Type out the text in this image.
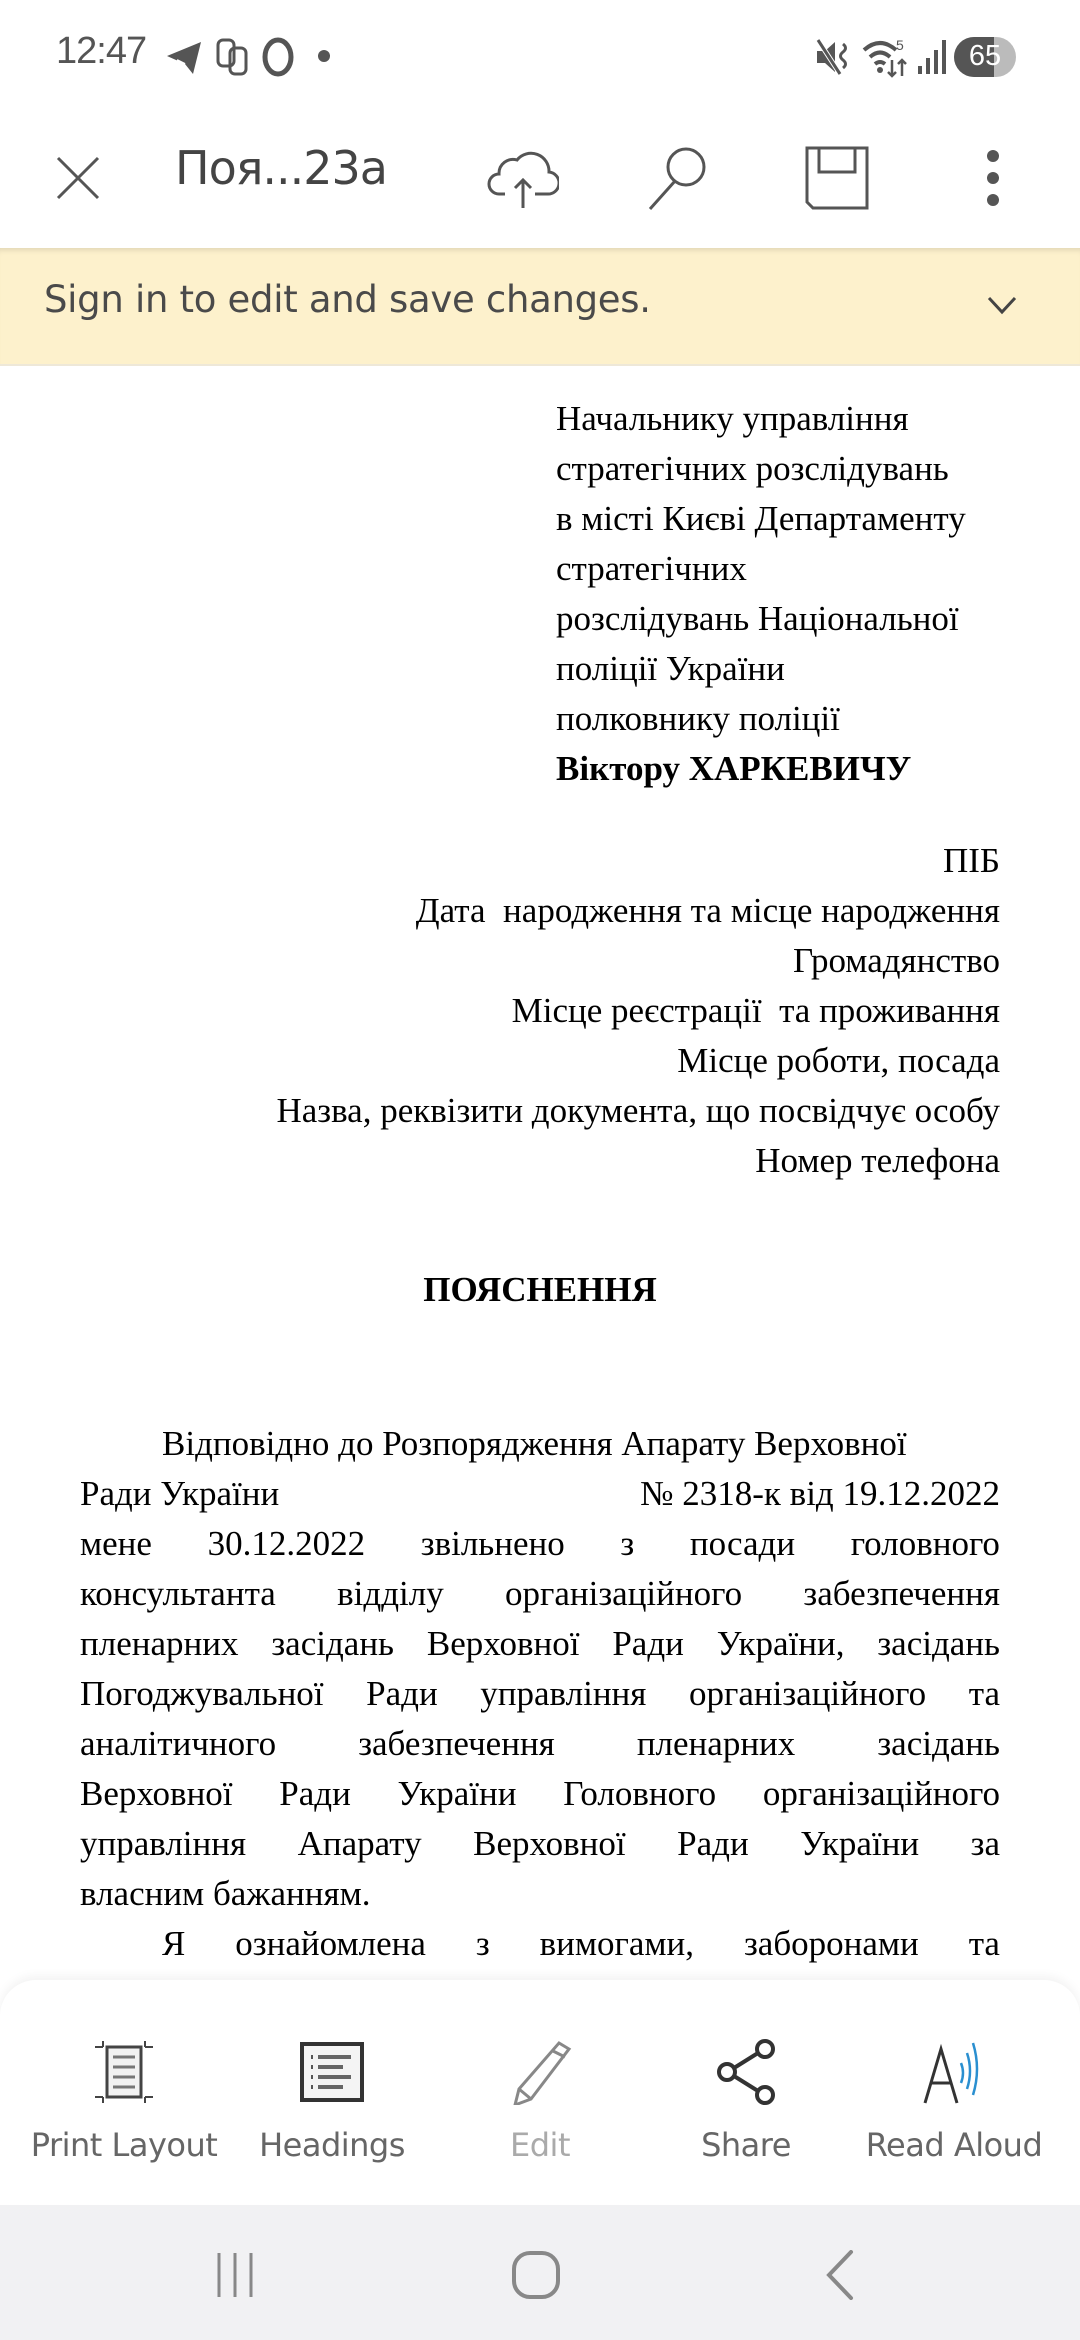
12:47	5	65
Поя...23а
Sign in to edit and save changes.
Начальнику управління
стратегічних розслідувань
в місті Києві Департаменту
стратегічних
розслідувань Національної
поліції України
полковнику поліції
Віктору ХАРКЕВИЧУ
ПІБ
Дата  народження та місце народження
Громадянство
Місце реєстрації  та проживання
Місце роботи, посада
Назва, реквізити документа, що посвідчує особу
Номер телефона
ПОЯСНЕННЯ
Відповідно до Розпорядження Апарату Верховної
Ради України	№ 2318-к від 19.12.2022
мене 30.12.2022 звільнено з посади головного
консультанта відділу організаційного забезпечення
пленарних засідань Верховної Ради України, засідань
Погоджувальної Ради управління організаційного та
аналітичного забезпечення пленарних засідань
Верховної Ради України Головного організаційного
управління Апарату Верховної Ради України за
власним бажанням.
Я ознайомлена з вимогами, заборонами та
Print Layout	Headings	Edit	Share	Read Aloud
